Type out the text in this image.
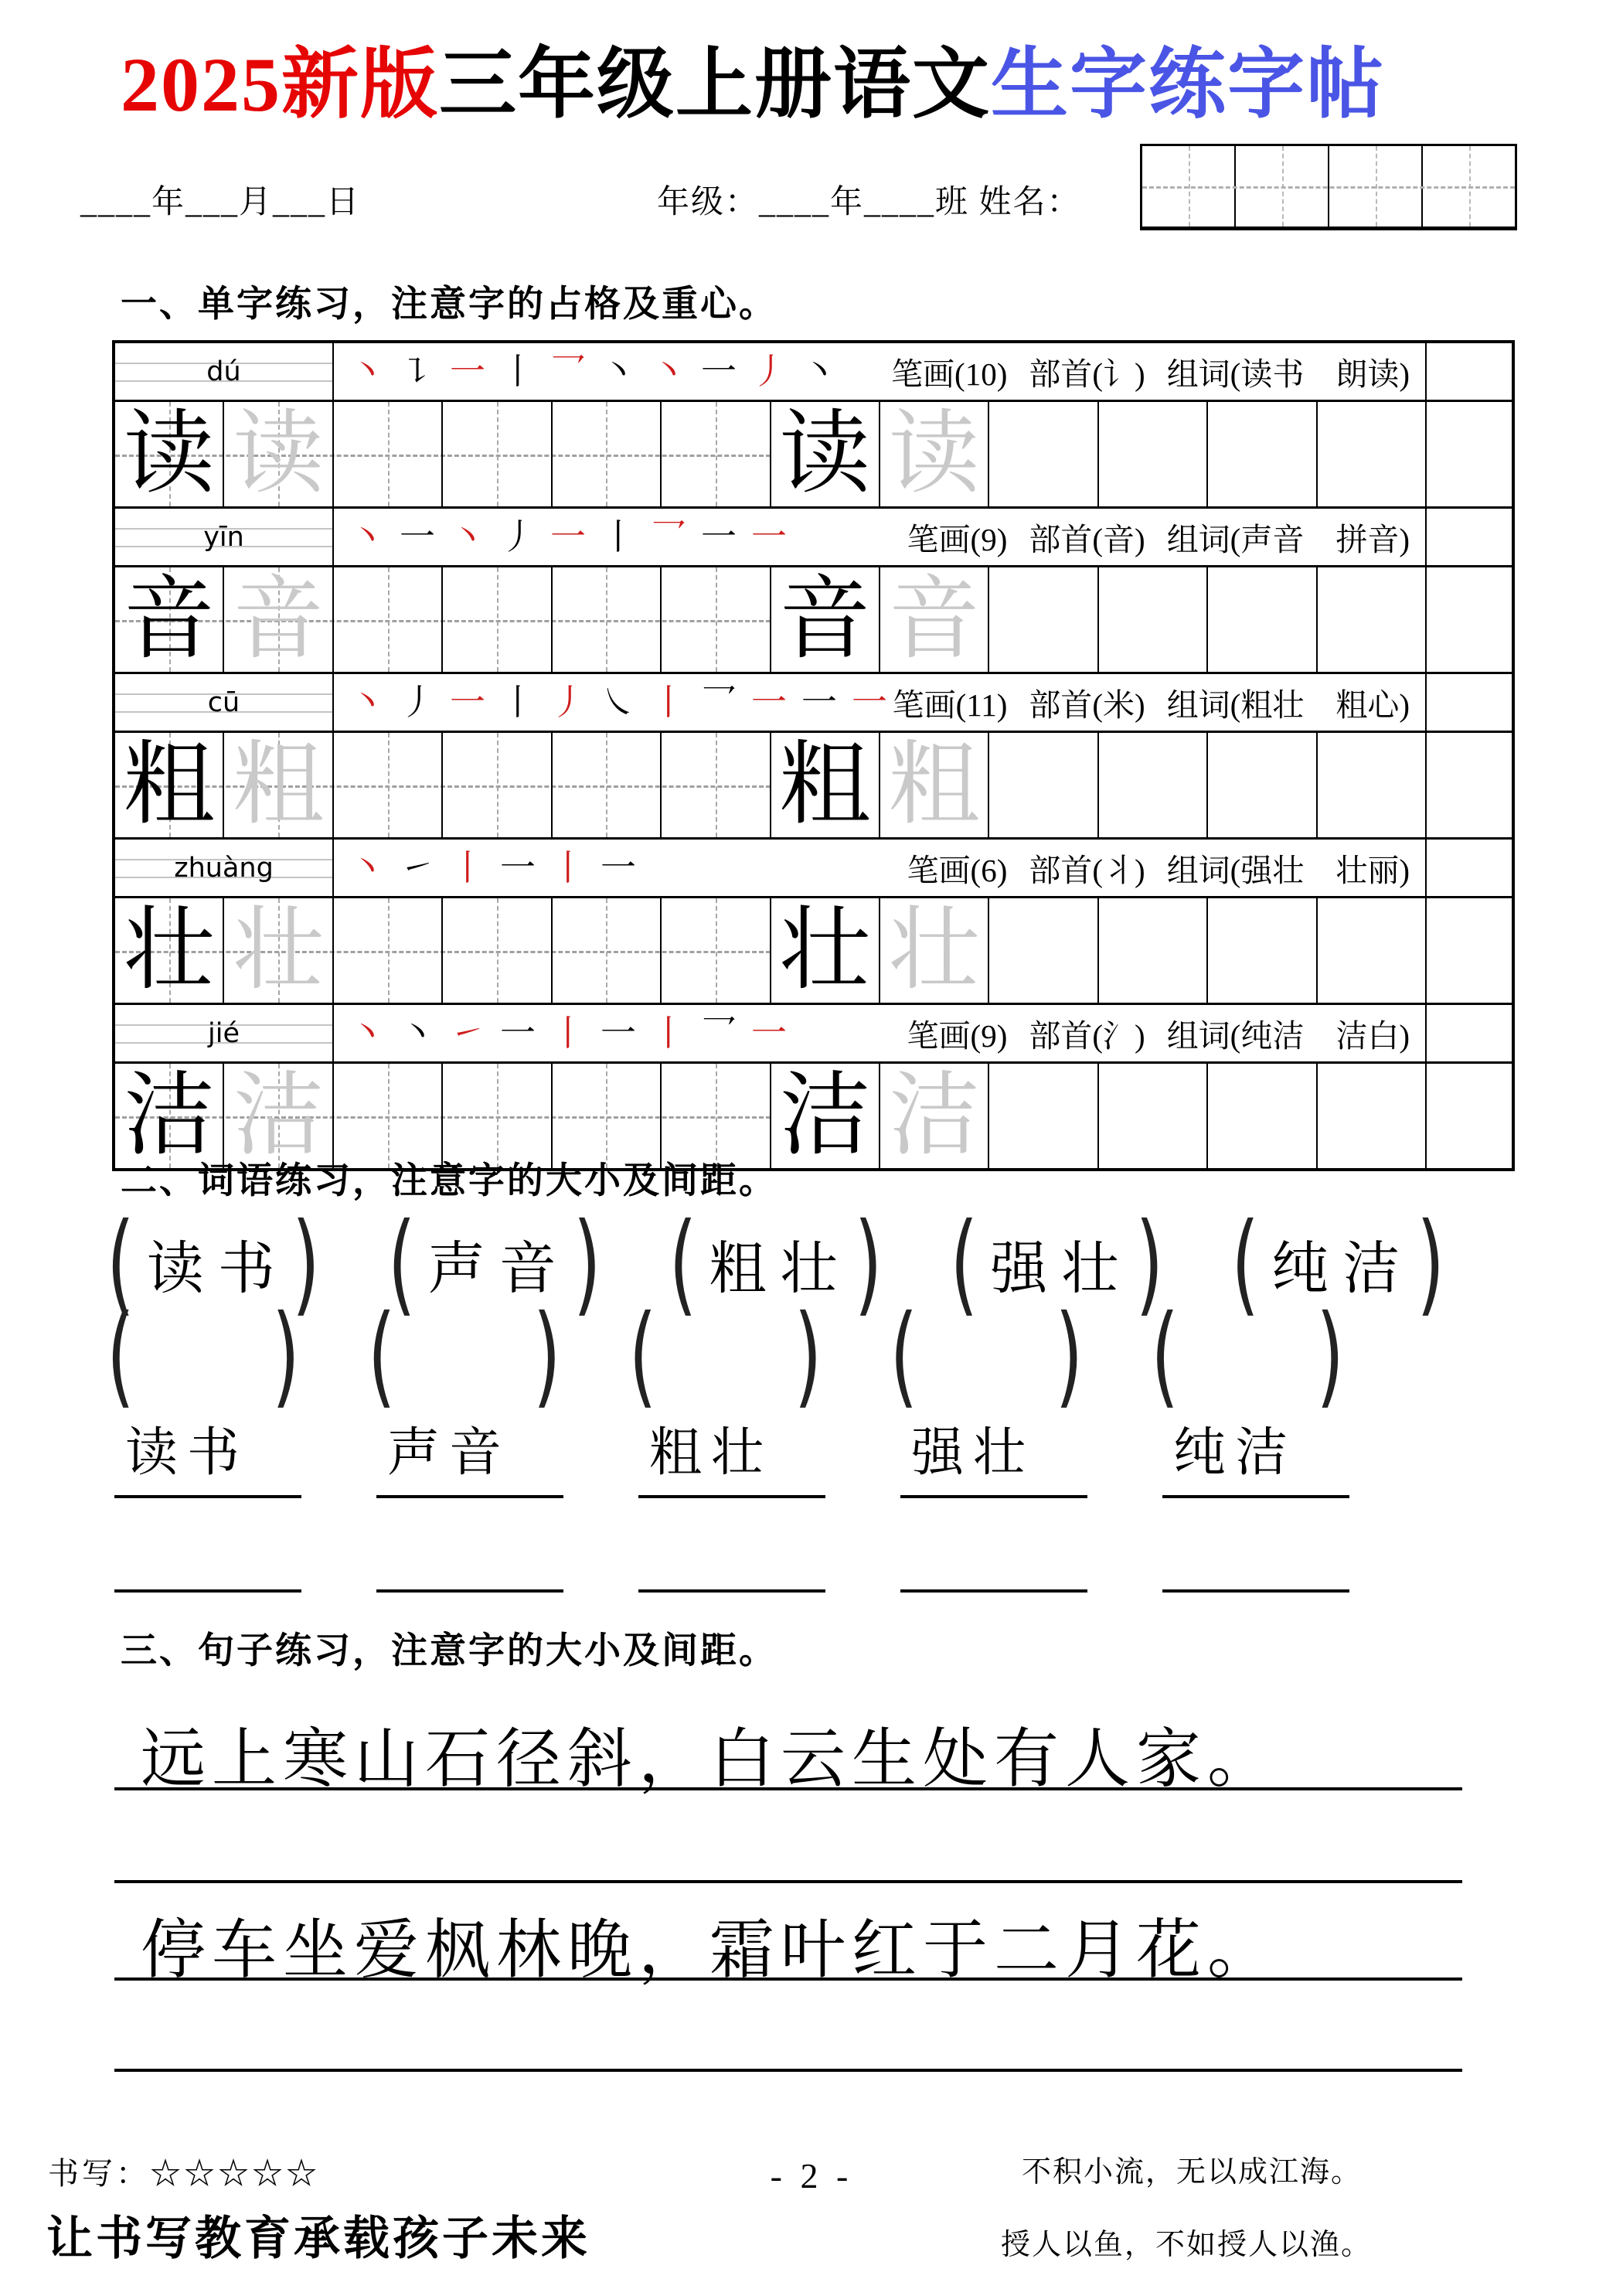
2025新版三年级上册语文生字练字帖
____年___月___日	年级：____年____班 姓名：
一、单字练习，注意字的占格及重心。
dú	丶 ㇊ 一 丨 乛 丶 丶 一 丿 丶 笔画(10) 部首(讠) 组词(读书　朗读)
读 读	读 读
yīn	丶 一 丶 丿 一 丨 乛 一 一	笔画(9) 部首(音) 组词(声音　拼音)
音 音	音 音
cū	丶 丿 一 丨 丿 ㇏ 丨 乛 一 一 一 笔画(11) 部首(米) 组词(粗壮　粗心)
粗 粗	粗 粗
zhuàng 丶 ㇀ 丨 一 丨 一	笔画(6) 部首(丬) 组词(强壮　壮丽)
壮 壮	壮 壮
jié	丶 丶 ㇀ 一 丨 一 丨 乛 一	笔画(9) 部首(氵) 组词(纯洁　洁白)
洁 洁	洁 洁
二、词语练习，注意字的大小及间距。
( 读书 ) ( 声音 ) ( 粗壮 ) ( 强壮 ) ( 纯洁 )
( ) ( ) ( ) ( ) ( )
读书	声音	粗壮	强壮	纯洁
三、句子练习，注意字的大小及间距。
远上寒山石径斜，白云生处有人家。
停车坐爱枫林晚，霜叶红于二月花。
书写：☆☆☆☆☆	- 2 -	不积小流，无以成江海。
授人以鱼，不如授人以渔。
让书写教育承载孩子未来
